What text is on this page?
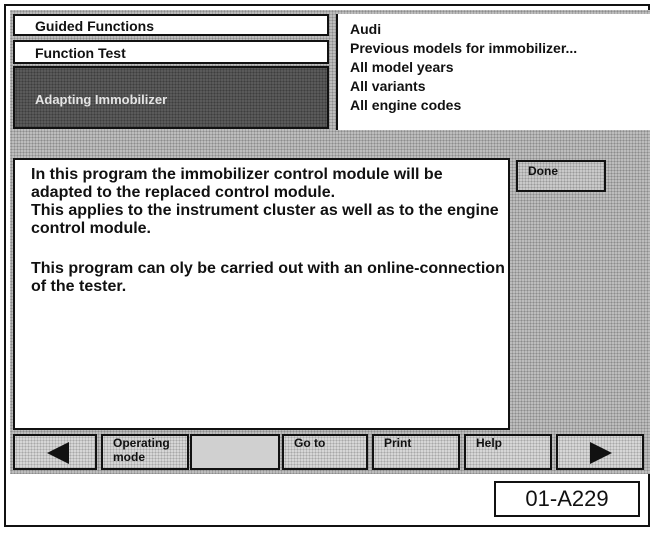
Guided Functions
Function Test
Adapting Immobilizer
Audi
Previous models for immobilizer...
All model years
All variants
All engine codes

In this program the immobilizer control module will be adapted to the replaced control module.

This applies to the instrument cluster as well as to the engine control module.

This program can oly be carried out with an online-connection of the tester.

Done
Operating mode
Go to	Print	Help
01-A229
